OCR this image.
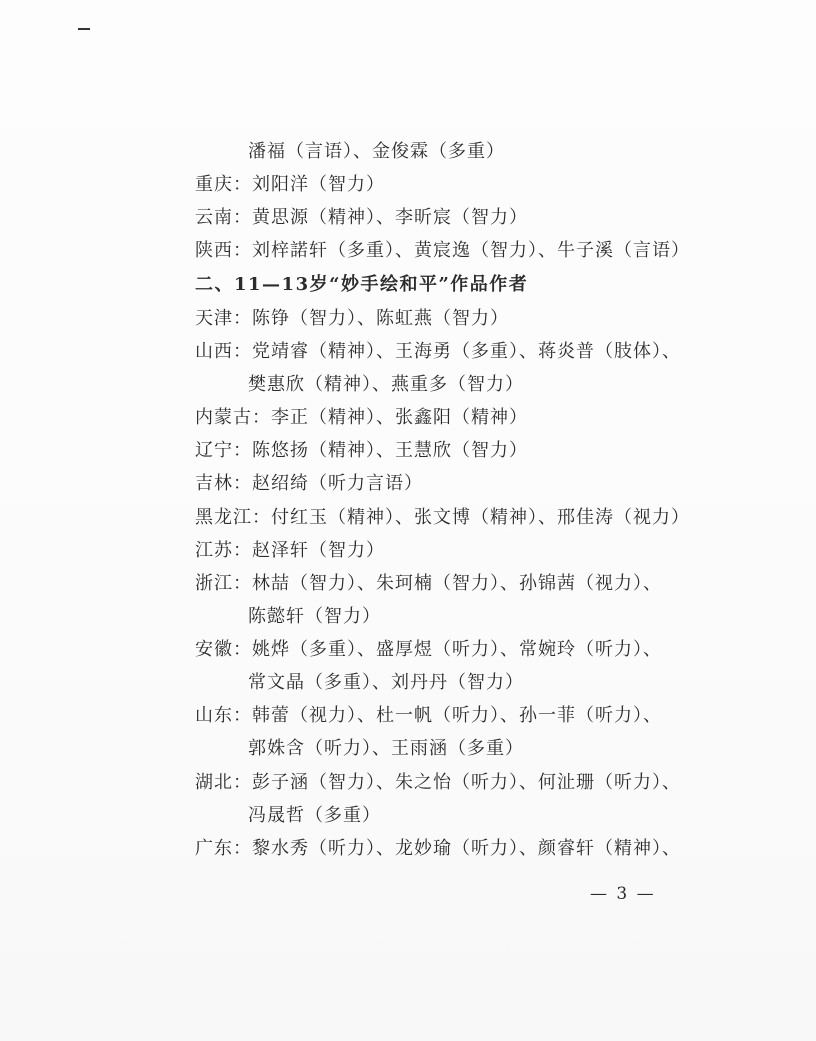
潘福（言语）、金俊霖（多重）
重庆：刘阳洋（智力）
云南：黄思源（精神）、李昕宸（智力）
陕西：刘梓諾轩（多重）、黄宸逸（智力）、牛子溪（言语）
二、11—13岁“妙手绘和平”作品作者
天津：陈铮（智力）、陈虹燕（智力）
山西：党靖睿（精神）、王海勇（多重）、蒋炎普（肢体）、
樊惠欣（精神）、燕重多（智力）
内蒙古：李正（精神）、张鑫阳（精神）
辽宁：陈悠扬（精神）、王慧欣（智力）
吉林：赵绍绮（听力言语）
黑龙江：付红玉（精神）、张文博（精神）、邢佳涛（视力）
江苏：赵泽轩（智力）
浙江：林喆（智力）、朱珂楠（智力）、孙锦茜（视力）、
陈懿轩（智力）
安徽：姚烨（多重）、盛厚煜（听力）、常婉玲（听力）、
常文晶（多重）、刘丹丹（智力）
山东：韩蕾（视力）、杜一帆（听力）、孙一菲（听力）、
郭姝含（听力）、王雨涵（多重）
湖北：彭子涵（智力）、朱之怡（听力）、何沚珊（听力）、
冯晟哲（多重）
广东：黎水秀（听力）、龙妙瑜（听力）、颜睿轩（精神）、
— 3 —
